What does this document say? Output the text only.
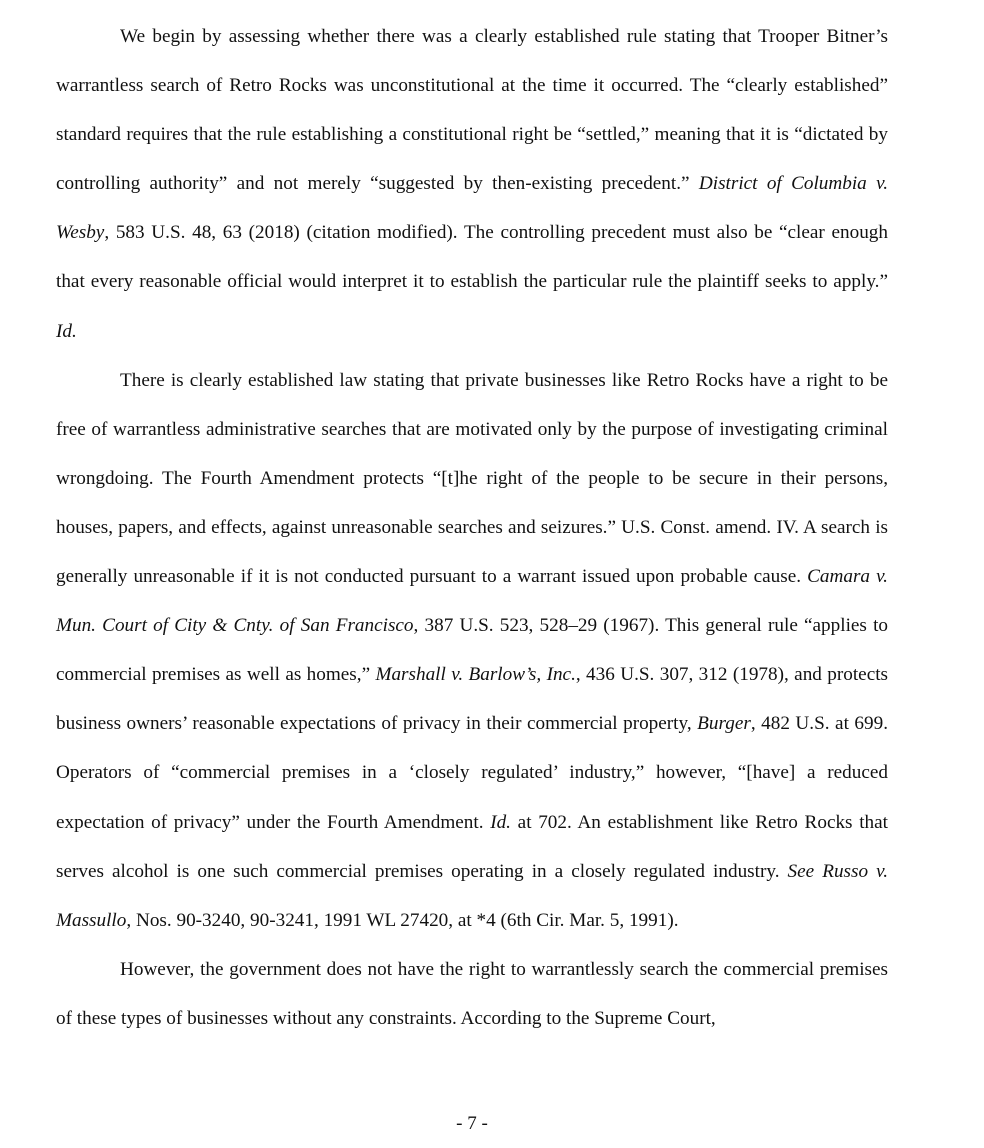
We begin by assessing whether there was a clearly established rule stating that Trooper Bitner’s warrantless search of Retro Rocks was unconstitutional at the time it occurred. The “clearly established” standard requires that the rule establishing a constitutional right be “settled,” meaning that it is “dictated by controlling authority” and not merely “suggested by then-existing precedent.” District of Columbia v. Wesby, 583 U.S. 48, 63 (2018) (citation modified). The controlling precedent must also be “clear enough that every reasonable official would interpret it to establish the particular rule the plaintiff seeks to apply.” Id.

There is clearly established law stating that private businesses like Retro Rocks have a right to be free of warrantless administrative searches that are motivated only by the purpose of investigating criminal wrongdoing. The Fourth Amendment protects “[t]he right of the people to be secure in their persons, houses, papers, and effects, against unreasonable searches and seizures.” U.S. Const. amend. IV. A search is generally unreasonable if it is not conducted pursuant to a warrant issued upon probable cause. Camara v. Mun. Court of City & Cnty. of San Francisco, 387 U.S. 523, 528–29 (1967). This general rule “applies to commercial premises as well as homes,” Marshall v. Barlow’s, Inc., 436 U.S. 307, 312 (1978), and protects business owners’ reasonable expectations of privacy in their commercial property, Burger, 482 U.S. at 699. Operators of “commercial premises in a ‘closely regulated’ industry,” however, “[have] a reduced expectation of privacy” under the Fourth Amendment. Id. at 702. An establishment like Retro Rocks that serves alcohol is one such commercial premises operating in a closely regulated industry. See Russo v. Massullo, Nos. 90-3240, 90-3241, 1991 WL 27420, at *4 (6th Cir. Mar. 5, 1991).

However, the government does not have the right to warrantlessly search the commercial premises of these types of businesses without any constraints. According to the Supreme Court,

- 7 -
